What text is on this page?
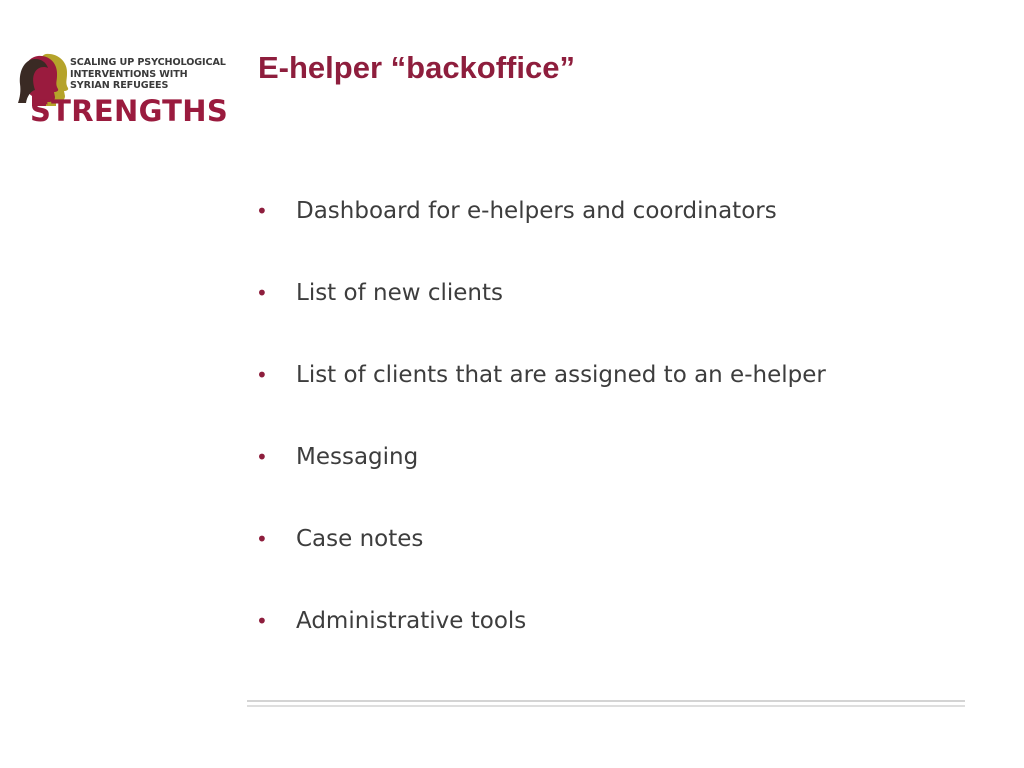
SCALING UP PSYCHOLOGICAL
INTERVENTIONS WITH
SYRIAN REFUGEES
STRENGTHS
E-helper “backoffice”
•	Dashboard for e-helpers and coordinators
•	List of new clients
•	List of clients that are assigned to an e-helper
•	Messaging
•	Case notes
•	Administrative tools
